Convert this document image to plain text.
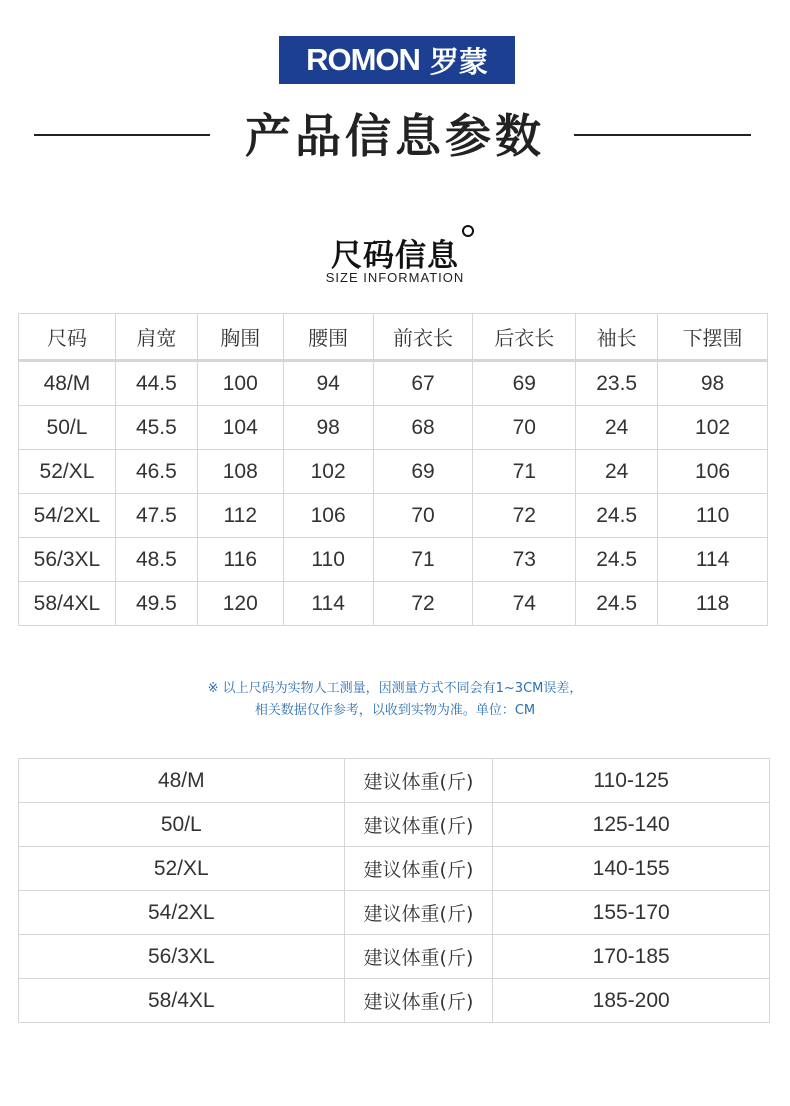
ROMON 罗蒙
产品信息参数
尺码信息
SIZE INFORMATION
尺码	肩宽	胸围	腰围	前衣长	后衣长	袖长	下摆围
48/M	44.5	100	94	67	69	23.5	98
50/L	45.5	104	98	68	70	24	102
52/XL	46.5	108	102	69	71	24	106
54/2XL	47.5	112	106	70	72	24.5	110
56/3XL	48.5	116	110	71	73	24.5	114
58/4XL	49.5	120	114	72	74	24.5	118
※ 以上尺码为实物人工测量，因测量方式不同会有1~3CM误差，
相关数据仅作参考，以收到实物为准。单位：CM
48/M	建议体重(斤)	110-125
50/L	建议体重(斤)	125-140
52/XL	建议体重(斤)	140-155
54/2XL	建议体重(斤)	155-170
56/3XL	建议体重(斤)	170-185
58/4XL	建议体重(斤)	185-200
